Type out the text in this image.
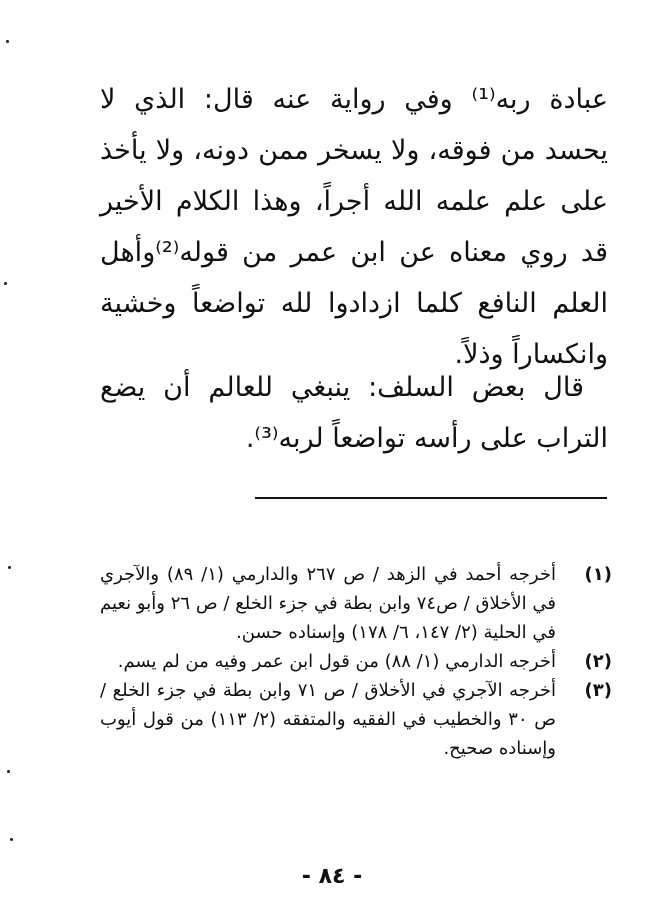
عبادة ربه⁽¹⁾ وفي رواية عنه قال: الذي لا يحسد من فوقه، ولا يسخر ممن دونه، ولا يأخذ على علم علمه الله أجراً، وهذا الكلام الأخير قد روي معناه عن ابن عمر من قوله⁽²⁾وأهل العلم النافع كلما ازدادوا لله تواضعاً وخشية وانكساراً وذلاً.

قال بعض السلف: ينبغي للعالم أن يضع التراب على رأسه تواضعاً لربه⁽³⁾.

(١)
أخرجه أحمد في الزهد / ص ٢٦٧ والدارمي (١/ ٨٩) والآجري في الأخلاق / ص٧٤ وابن بطة في جزء الخلع / ص ٢٦ وأبو نعيم في الحلية (٢/ ١٤٧، ٦/ ١٧٨) وإسناده حسن.

(٢)
أخرجه الدارمي (١/ ٨٨) من قول ابن عمر وفيه من لم يسم.

(٣)
أخرجه الآجري في الأخلاق / ص ٧١ وابن بطة في جزء الخلع / ص ٣٠ والخطيب في الفقيه والمتفقه (٢/ ١١٣) من قول أيوب وإسناده صحيح.

- ٨٤ -
